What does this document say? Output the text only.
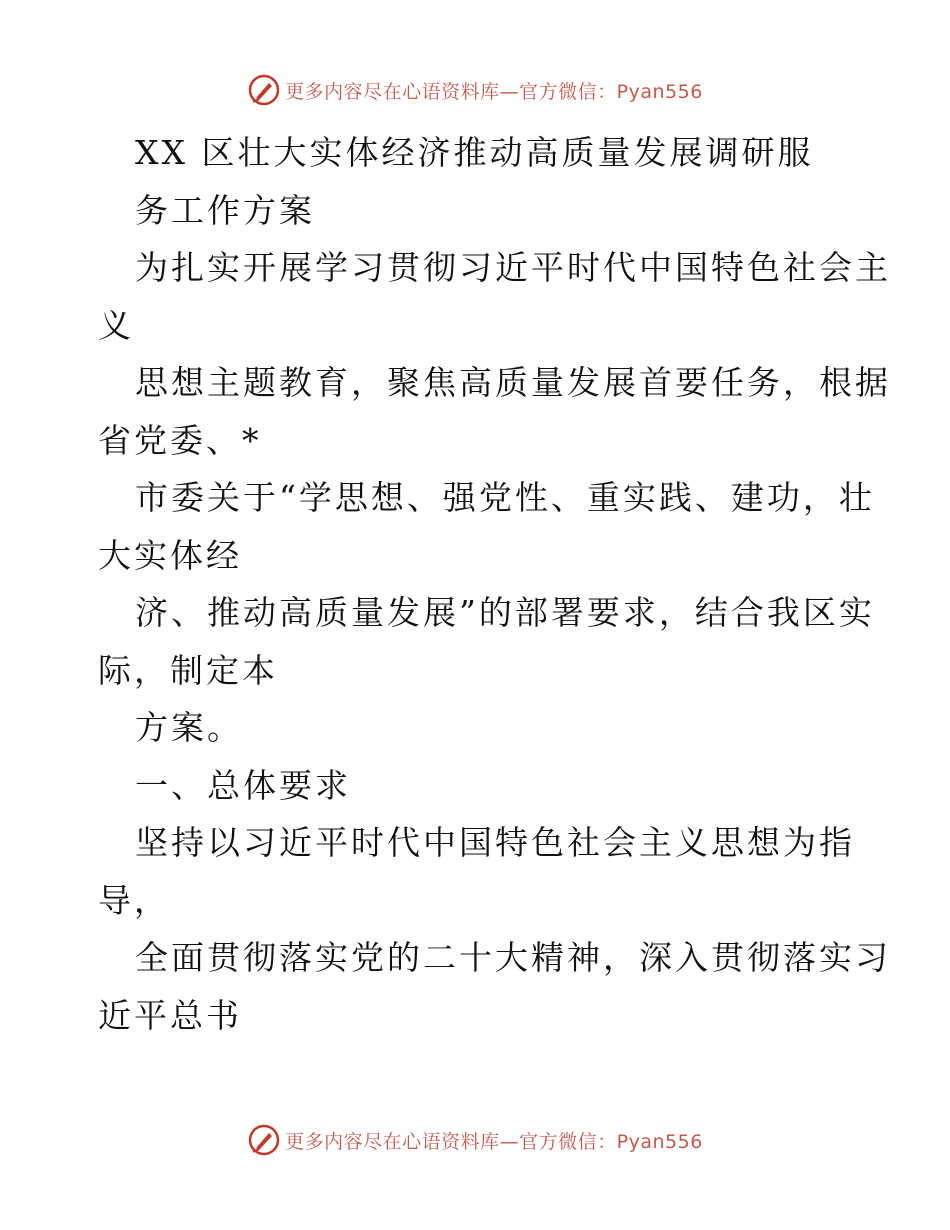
更多内容尽在心语资料库—官方微信：Pyan556
XX 区壮大实体经济推动高质量发展调研服
务工作方案
为扎实开展学习贯彻习近平时代中国特色社会主
义
思想主题教育，聚焦高质量发展首要任务，根据
省党委、*
市委关于“学思想、强党性、重实践、建功，壮
大实体经
济、推动高质量发展”的部署要求，结合我区实
际，制定本
方案。
一、总体要求
坚持以习近平时代中国特色社会主义思想为指
导，
全面贯彻落实党的二十大精神，深入贯彻落实习
近平总书
更多内容尽在心语资料库—官方微信：Pyan556
